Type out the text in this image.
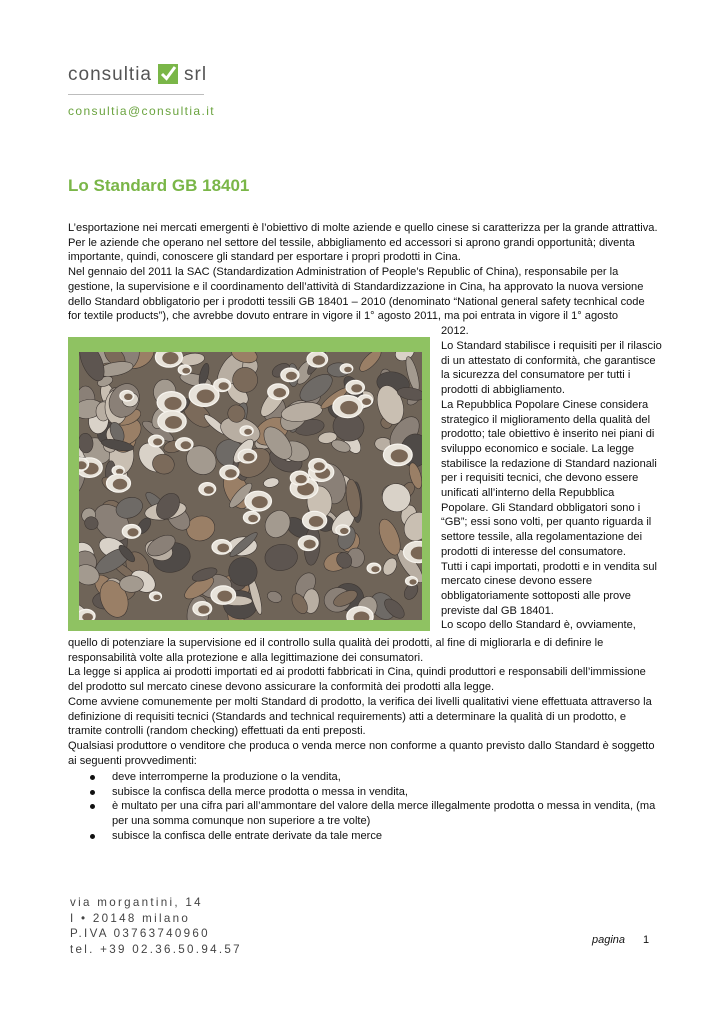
consultia srl
consultia@consultia.it
Lo Standard GB 18401
L’esportazione nei mercati emergenti è l’obiettivo di molte aziende e quello cinese si caratterizza per la grande attrattiva. Per le aziende che operano nel settore del tessile, abbigliamento ed accessori si aprono grandi opportunità; diventa importante, quindi, conoscere gli standard per esportare i propri prodotti in Cina.
Nel gennaio del 2011 la SAC (Standardization Administration of People’s Republic of China), responsabile per la gestione, la supervisione e il coordinamento dell’attività di Standardizzazione in Cina, ha approvato la nuova versione dello Standard obbligatorio per i prodotti tessili GB 18401 – 2010 (denominato “National general safety tecnhical code for textile products”), che avrebbe dovuto entrare in vigore il 1° agosto 2011, ma poi entrata in vigore il 1° agosto
2012.
Lo Standard stabilisce i requisiti per il rilascio di un attestato di conformità, che garantisce la sicurezza del consumatore per tutti i prodotti di abbigliamento.
La Repubblica Popolare Cinese considera strategico il miglioramento della qualità del prodotto; tale obiettivo è inserito nei piani di sviluppo economico e sociale. La legge stabilisce la redazione di Standard nazionali per i requisiti tecnici, che devono essere unificati all’interno della Repubblica Popolare. Gli Standard obbligatori sono i “GB”; essi sono volti, per quanto riguarda il settore tessile, alla regolamentazione dei prodotti di interesse del consumatore.
Tutti i capi importati, prodotti e in vendita sul mercato cinese devono essere obbligatoriamente sottoposti alle prove previste dal GB 18401.
Lo scopo dello Standard è, ovviamente,
quello di potenziare la supervisione ed il controllo sulla qualità dei prodotti, al fine di migliorarla e di definire le responsabilità volte alla protezione e alla legittimazione dei consumatori.
La legge si applica ai prodotti importati ed ai prodotti fabbricati in Cina, quindi produttori e responsabili dell’immissione del prodotto sul mercato cinese devono assicurare la conformità dei prodotti alla legge.
Come avviene comunemente per molti Standard di prodotto, la verifica dei livelli qualitativi viene effettuata attraverso la definizione di requisiti tecnici (Standards and technical requirements) atti a determinare la qualità di un prodotto, e tramite controlli (random checking) effettuati da enti preposti.
Qualsiasi produttore o venditore che produca o venda merce non conforme a quanto previsto dallo Standard è soggetto ai seguenti provvedimenti:
deve interromperne la produzione o la vendita,
subisce la confisca della merce prodotta o messa in vendita,
è multato per una cifra pari all’ammontare del valore della merce illegalmente prodotta o messa in vendita, (ma per una somma comunque non superiore a tre volte)
subisce la confisca delle entrate derivate da tale merce
via morgantini, 14
I • 20148 milano
P.IVA 03763740960
tel. +39 02.36.50.94.57
pagina 1
